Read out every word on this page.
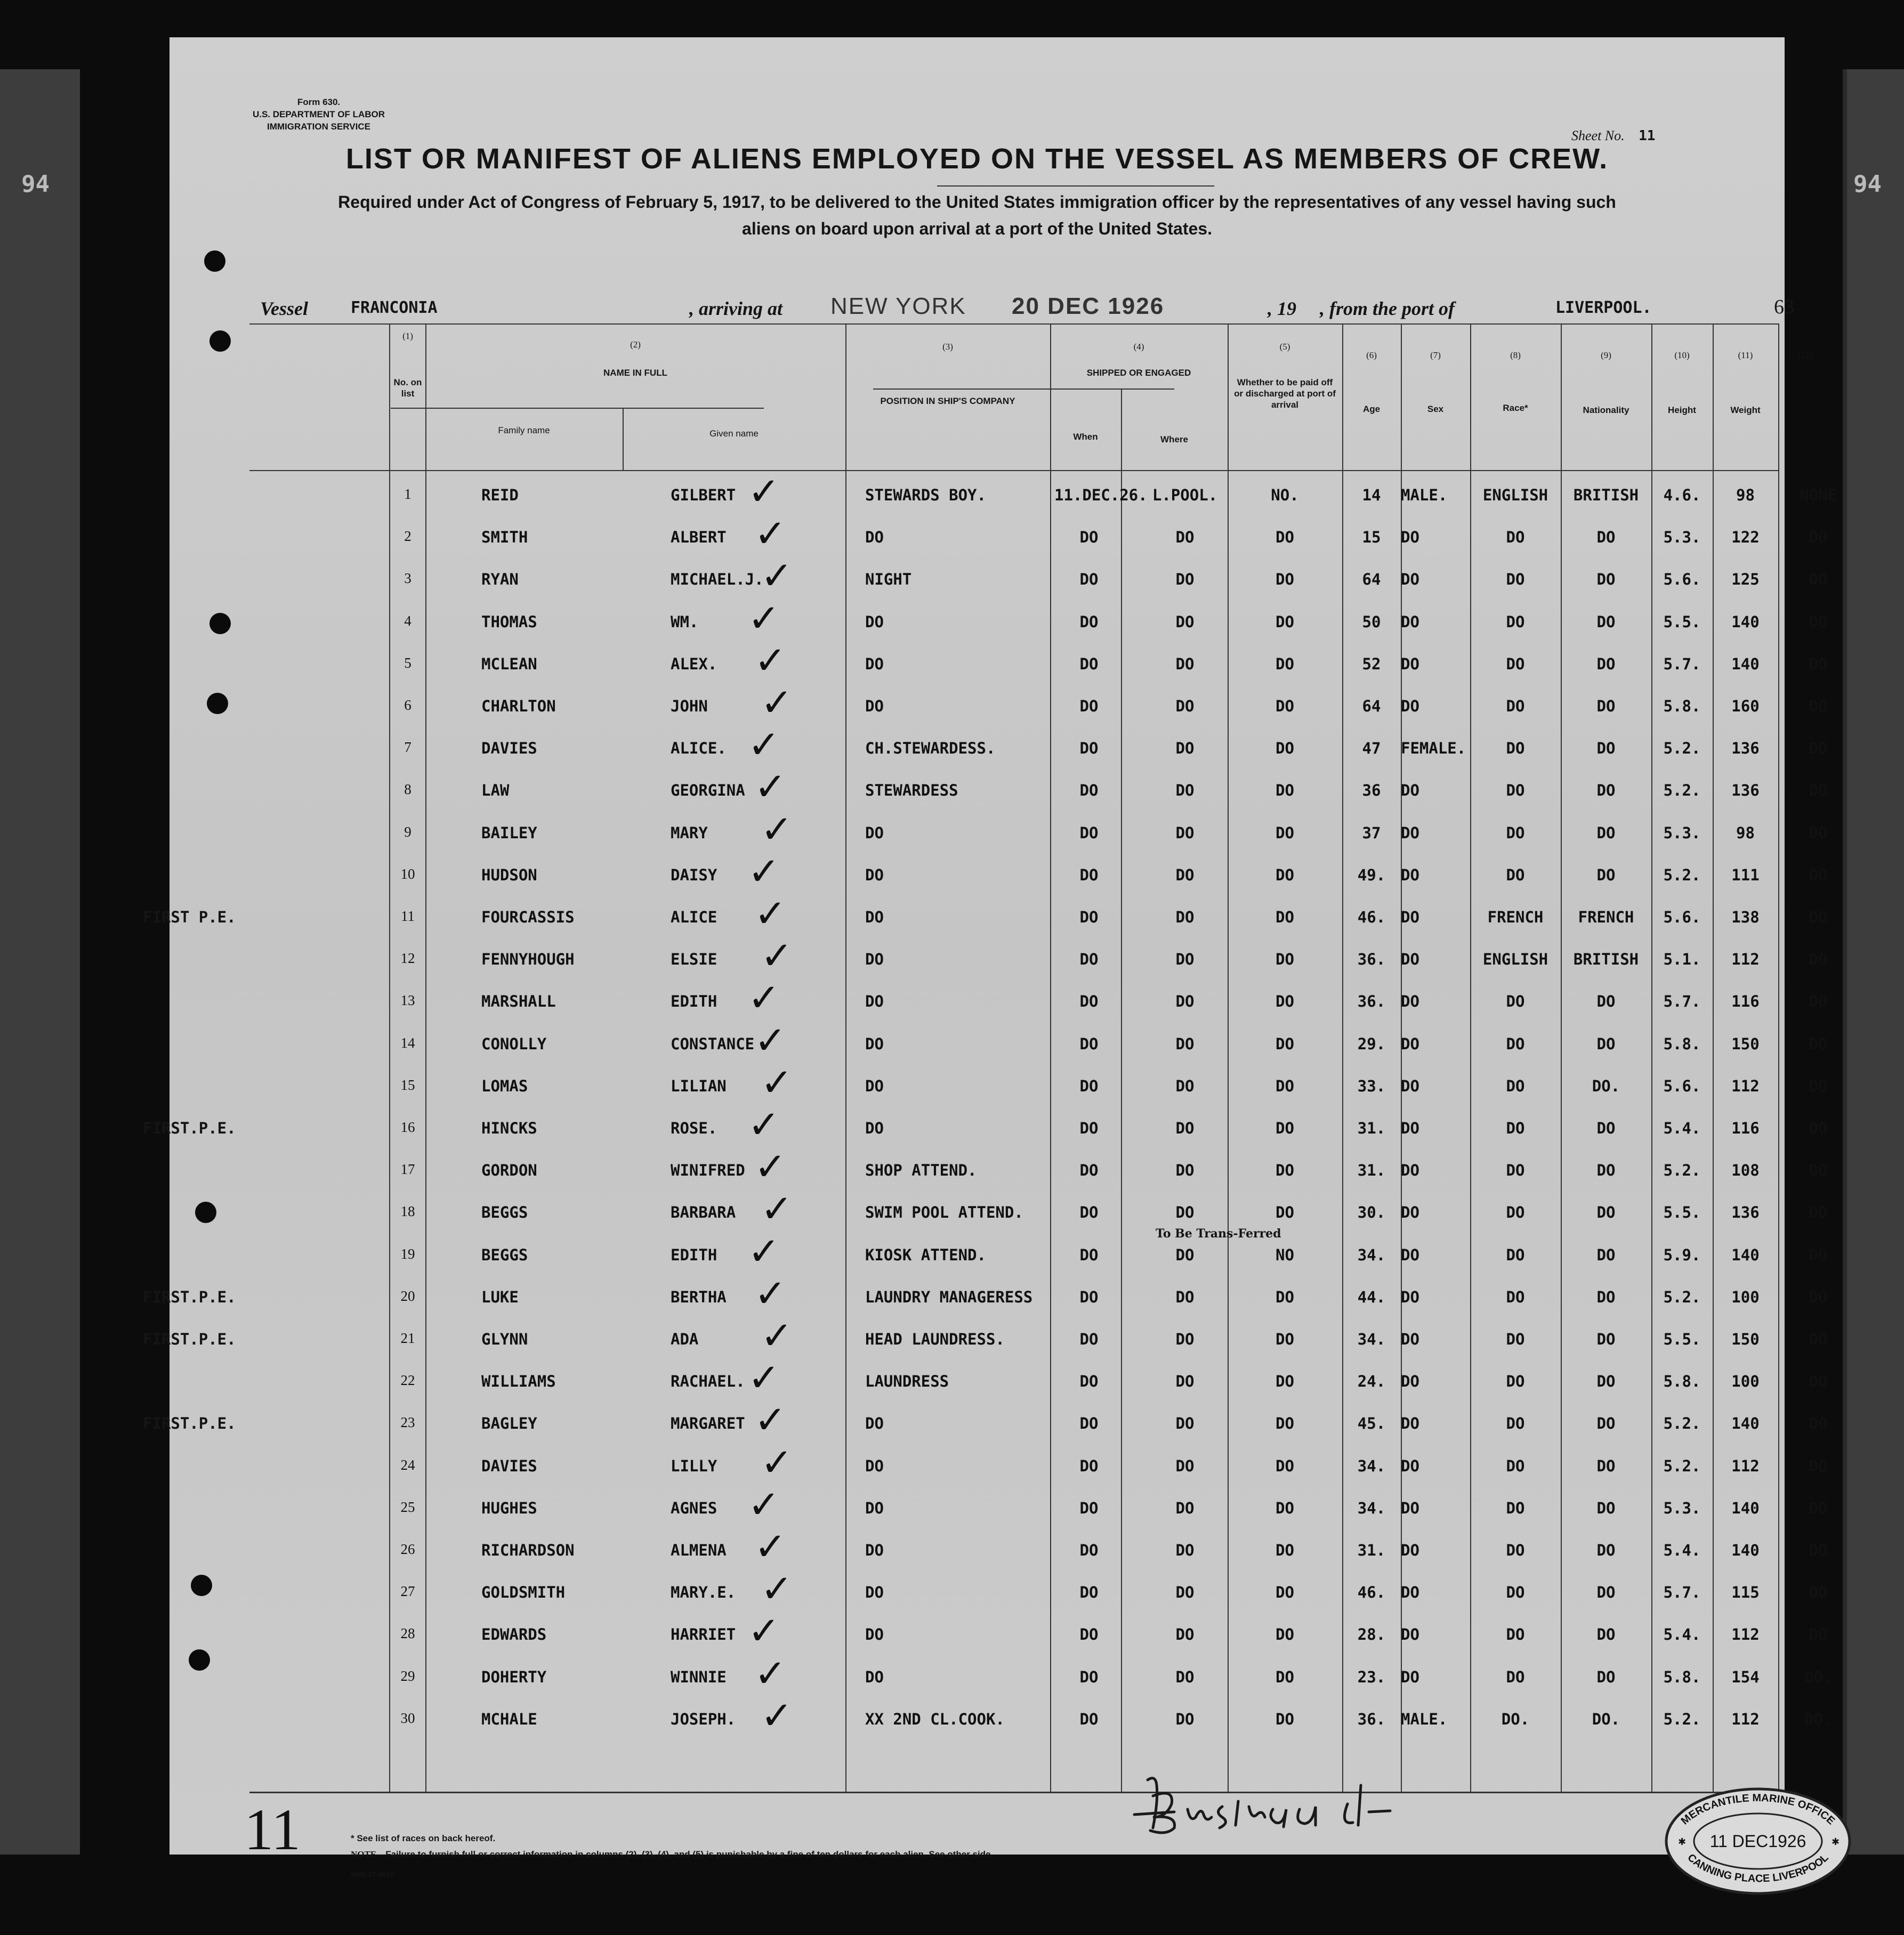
94	94
Form 630.
U.S. DEPARTMENT OF LABOR
IMMIGRATION SERVICE
Sheet No. 11
LIST OR MANIFEST OF ALIENS EMPLOYED ON THE VESSEL AS MEMBERS OF CREW.
Required under Act of Congress of February 5, 1917, to be delivered to the United States immigration officer by the representatives of any vessel having such
aliens on board upon arrival at a port of the United States.
Vessel	FRANCONIA	, arriving at NEW YORK 20 DEC 1926	, 19 , from the port of	LIVERPOOL.	63
(1)
No. on list
(2)
NAME IN FULL
Family name	Given name
(3)
POSITION IN SHIP'S COMPANY
(4)
SHIPPED OR ENGAGED
When	Where
(5)
Whether to be paid off or discharged at port of arrival
(6)
Age
(7)
Sex
(8)
Race*
(9)
Nationality
(10)
Height
(11)
Weight
(12)
1	REID	GILBERT	STEWARDS BOY.	11.DEC.26. L.POOL.	NO.	14	MALE.	ENGLISH	BRITISH	4.6.	98	NONE
✓
2	SMITH	ALBERT	DO	DO	DO	DO	15	DO	DO	DO	5.3.	122	DO
✓
3	RYAN	MICHAEL.J.	NIGHT	DO	DO	DO	64	DO	DO	DO	5.6.	125	DO
✓
4	THOMAS	WM.	DO	DO	DO	DO	50	DO	DO	DO	5.5.	140	DO
✓
5	MCLEAN	ALEX.	DO	DO	DO	DO	52	DO	DO	DO	5.7.	140	DO
✓
6	CHARLTON	JOHN	DO	DO	DO	DO	64	DO	DO	DO	5.8.	160	DO
✓
7	DAVIES	ALICE.	CH.STEWARDESS.	DO	DO	DO	47	FEMALE.	DO	DO	5.2.	136	DO
✓
8	LAW	GEORGINA	STEWARDESS	DO	DO	DO	36	DO	DO	DO	5.2.	136	DO
✓
9	BAILEY	MARY	DO	DO	DO	DO	37	DO	DO	DO	5.3.	98	DO
✓
10	HUDSON	DAISY	DO	DO	DO	DO	49. DO	DO	DO	5.2.	111	DO
✓
11	FOURCASSIS	ALICE	DO	DO	DO	DO	46. DO	FRENCH	FRENCH	5.6.	138	DO
✓
FIRST P.E.
12	FENNYHOUGH	ELSIE	DO	DO	DO	DO	36. DO	ENGLISH	BRITISH	5.1.	112	DO
✓
13	MARSHALL	EDITH	DO	DO	DO	DO	36. DO	DO	DO	5.7.	116	DO
✓
14	CONOLLY	CONSTANCE	DO	DO	DO	DO	29. DO	DO	DO	5.8.	150	DO
✓
15	LOMAS	LILIAN	DO	DO	DO	DO	33. DO	DO	DO.	5.6.	112	DO
✓
16	HINCKS	ROSE.	DO	DO	DO	DO	31. DO	DO	DO	5.4.	116	DO
✓
FIRST.P.E.
17	GORDON	WINIFRED	SHOP ATTEND.	DO	DO	DO	31. DO	DO	DO	5.2.	108	DO
✓
18	BEGGS	BARBARA	SWIM POOL ATTEND.	DO	DO	DO	30. DO	DO	DO	5.5.	136	DO
✓
19	BEGGS	EDITH	KIOSK ATTEND.	DO	DO	NO	34. DO	DO	DO	5.9.	140	DO
✓	To Be Trans-Ferred
20	LUKE	BERTHA	LAUNDRY MANAGERESS	DO	DO	DO	44. DO	DO	DO	5.2.	100	DO
✓
FIRST.P.E.
21	GLYNN	ADA	HEAD LAUNDRESS.	DO	DO	DO	34. DO	DO	DO	5.5.	150	DO
✓
FIRST.P.E.
22	WILLIAMS	RACHAEL.	LAUNDRESS	DO	DO	DO	24. DO	DO	DO	5.8.	100	DO
✓
23	BAGLEY	MARGARET	DO	DO	DO	DO	45. DO	DO	DO	5.2.	140	DO
✓
FIRST.P.E.
24	DAVIES	LILLY	DO	DO	DO	DO	34. DO	DO	DO	5.2.	112	DO
✓
25	HUGHES	AGNES	DO	DO	DO	DO	34. DO	DO	DO	5.3.	140	DO
✓
26	RICHARDSON	ALMENA	DO	DO	DO	DO	31. DO	DO	DO	5.4.	140	DO
✓
27	GOLDSMITH	MARY.E.	DO	DO	DO	DO	46. DO	DO	DO	5.7.	115	DO
✓
28	EDWARDS	HARRIET	DO	DO	DO	DO	28. DO	DO	DO	5.4.	112	DO
✓
29	DOHERTY	WINNIE	DO	DO	DO	DO	23. DO	DO	DO	5.8.	154	DO.
✓
30	MCHALE	JOSEPH.	XX 2ND CL.COOK.	DO	DO	DO	36. MALE.	DO.	DO.	5.2.	112	DO.
✓
* See list of races on back hereof.
NOTE—Failure to furnish full or correct information in columns (2), (3), (4), and (5) is punishable by a fine of ten dollars for each alien. See other side.
8000 17-8887
11	MERCANTILE MARINE OFFICE
CANNING PLACE LIVERPOOL
11 DEC1926
✱	✱
